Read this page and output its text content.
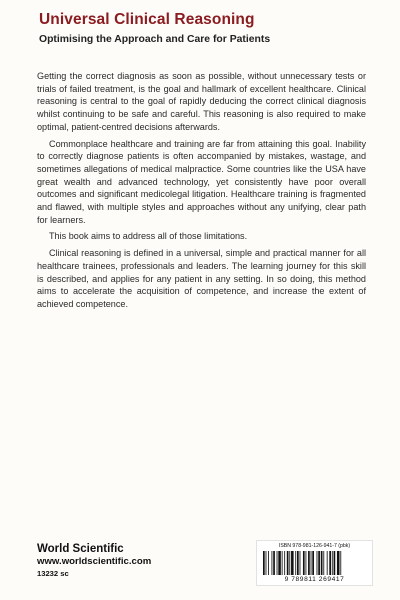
Universal Clinical Reasoning
Optimising the Approach and Care for Patients

Getting the correct diagnosis as soon as possible, without unnecessary tests or trials of failed treatment, is the goal and hallmark of excellent healthcare. Clinical reasoning is central to the goal of rapidly deducing the correct clinical diagnosis whilst continuing to be safe and careful. This reasoning is also required to make optimal, patient-centred decisions afterwards.

Commonplace healthcare and training are far from attaining this goal. Inability to correctly diagnose patients is often accompanied by mistakes, wastage, and sometimes allegations of medical malpractice. Some countries like the USA have great wealth and advanced technology, yet consistently have poor overall outcomes and significant medicolegal litigation. Healthcare training is fragmented and flawed, with multiple styles and approaches without any unifying, clear path for learners.

This book aims to address all of those limitations.

Clinical reasoning is defined in a universal, simple and practical manner for all healthcare trainees, professionals and leaders. The learning journey for this skill is described, and applies for any patient in any setting. In so doing, this method aims to accelerate the acquisition of competence, and increase the extent of achieved competence.

World Scientific
www.worldscientific.com
13232 sc
ISBN 978-981-126-941-7 (pbk)
9 789811 269417
